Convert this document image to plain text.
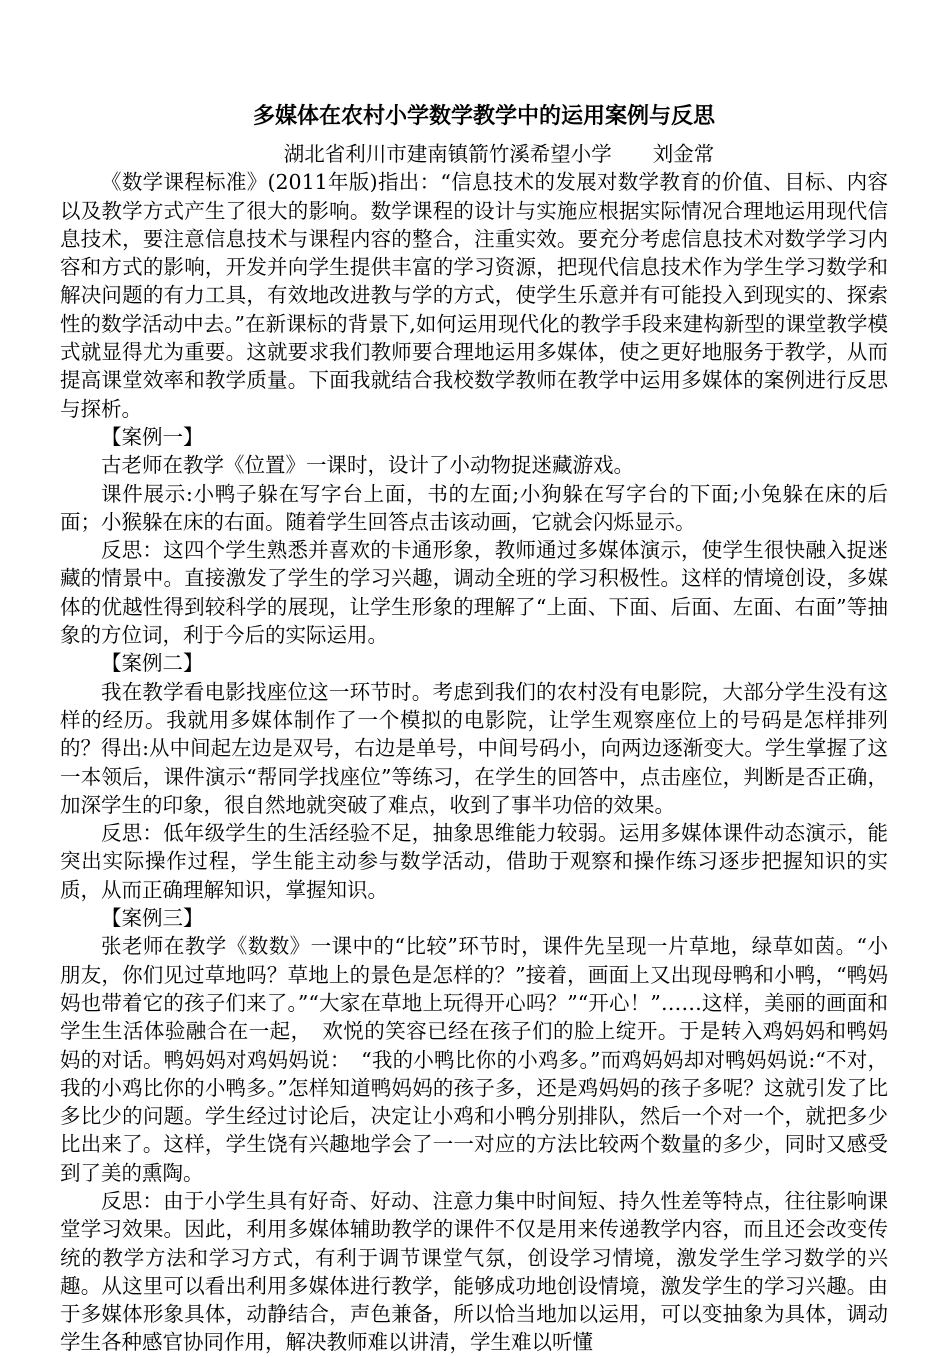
多媒体在农村小学数学教学中的运用案例与反思

湖北省利川市建南镇箭竹溪希望小学　　刘金常

《数学课程标准》(2011年版)指出：“信息技术的发展对数学教育的价值、目标、内容以及教学方式产生了很大的影响。数学课程的设计与实施应根据实际情况合理地运用现代信息技术，要注意信息技术与课程内容的整合，注重实效。要充分考虑信息技术对数学学习内容和方式的影响，开发并向学生提供丰富的学习资源，把现代信息技术作为学生学习数学和解决问题的有力工具，有效地改进教与学的方式，使学生乐意并有可能投入到现实的、探索性的数学活动中去。”在新课标的背景下,如何运用现代化的教学手段来建构新型的课堂教学模式就显得尤为重要。这就要求我们教师要合理地运用多媒体，使之更好地服务于教学，从而提高课堂效率和教学质量。下面我就结合我校数学教师在教学中运用多媒体的案例进行反思与探析。

【案例一】

古老师在教学《位置》一课时，设计了小动物捉迷藏游戏。

课件展示:小鸭子躲在写字台上面，书的左面;小狗躲在写字台的下面;小兔躲在床的后面；小猴躲在床的右面。随着学生回答点击该动画，它就会闪烁显示。

反思：这四个学生熟悉并喜欢的卡通形象，教师通过多媒体演示，使学生很快融入捉迷藏的情景中。直接激发了学生的学习兴趣，调动全班的学习积极性。这样的情境创设，多媒体的优越性得到较科学的展现，让学生形象的理解了“上面、下面、后面、左面、右面”等抽象的方位词，利于今后的实际运用。

【案例二】

我在教学看电影找座位这一环节时。考虑到我们的农村没有电影院，大部分学生没有这样的经历。我就用多媒体制作了一个模拟的电影院，让学生观察座位上的号码是怎样排列的？得出:从中间起左边是双号，右边是单号，中间号码小，向两边逐渐变大。学生掌握了这一本领后，课件演示“帮同学找座位”等练习，在学生的回答中，点击座位，判断是否正确，加深学生的印象，很自然地就突破了难点，收到了事半功倍的效果。

反思：低年级学生的生活经验不足，抽象思维能力较弱。运用多媒体课件动态演示，能突出实际操作过程，学生能主动参与数学活动，借助于观察和操作练习逐步把握知识的实质，从而正确理解知识，掌握知识。

【案例三】

张老师在教学《数数》一课中的“比较”环节时，课件先呈现一片草地，绿草如茵。“小朋友，你们见过草地吗？草地上的景色是怎样的？”接着，画面上又出现母鸭和小鸭，“鸭妈妈也带着它的孩子们来了。”“大家在草地上玩得开心吗？”“开心！”……这样，美丽的画面和学生生活体验融合在一起，　欢悦的笑容已经在孩子们的脸上绽开。于是转入鸡妈妈和鸭妈妈的对话。鸭妈妈对鸡妈妈说：　“我的小鸭比你的小鸡多。”而鸡妈妈却对鸭妈妈说:“不对，我的小鸡比你的小鸭多。”怎样知道鸭妈妈的孩子多，还是鸡妈妈的孩子多呢？这就引发了比多比少的问题。学生经过讨论后，决定让小鸡和小鸭分别排队，然后一个对一个，就把多少比出来了。这样，学生饶有兴趣地学会了一一对应的方法比较两个数量的多少，同时又感受到了美的熏陶。

反思：由于小学生具有好奇、好动、注意力集中时间短、持久性差等特点，往往影响课堂学习效果。因此，利用多媒体辅助教学的课件不仅是用来传递教学内容，而且还会改变传统的教学方法和学习方式，有利于调节课堂气氛，创设学习情境，激发学生学习数学的兴趣。从这里可以看出利用多媒体进行教学，能够成功地创设情境，激发学生的学习兴趣。由于多媒体形象具体，动静结合，声色兼备，所以恰当地加以运用，可以变抽象为具体，调动学生各种感官协同作用，解决教师难以讲清，学生难以听懂
